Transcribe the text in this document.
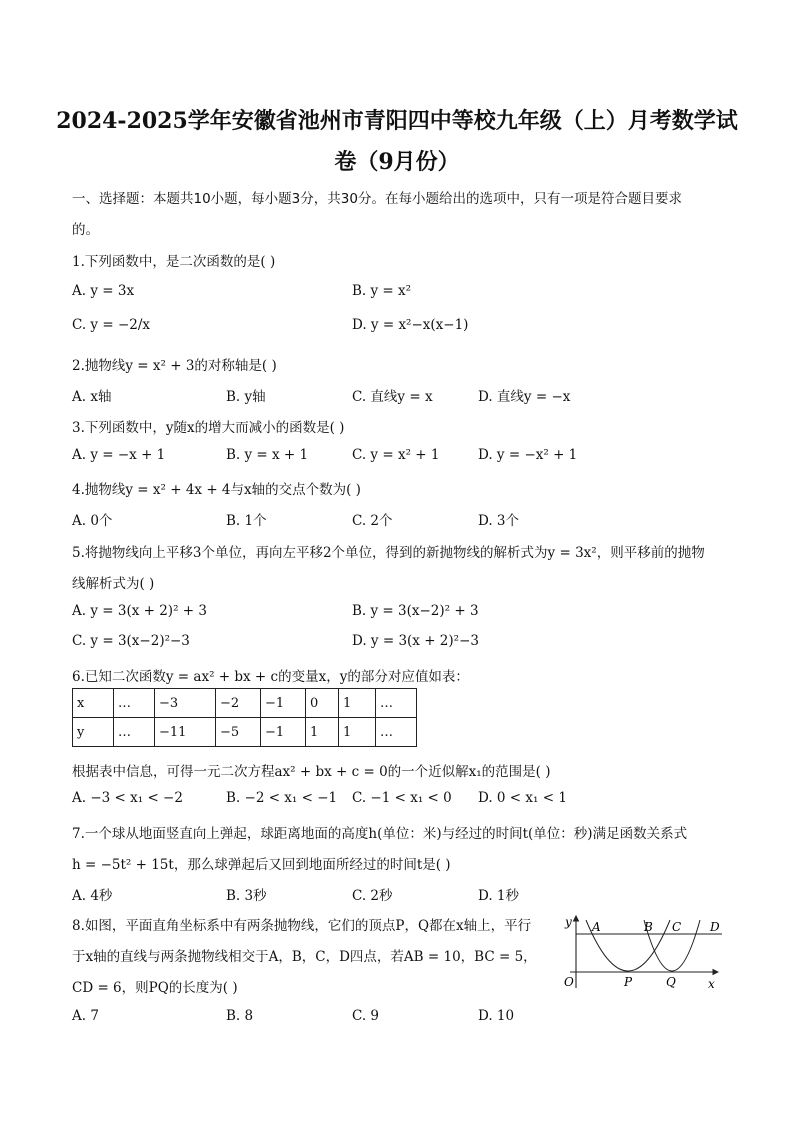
2024-2025学年安徽省池州市青阳四中等校九年级（上）月考数学试
卷（9月份）
一、选择题：本题共10小题，每小题3分，共30分。在每小题给出的选项中，只有一项是符合题目要求
的。
1.下列函数中，是二次函数的是( )
A. y = 3x	B. y = x²
C. y = −2/x	D. y = x²−x(x−1)
2.抛物线y = x² + 3的对称轴是( )
A. x轴	B. y轴	C. 直线y = x	D. 直线y = −x
3.下列函数中，y随x的增大而减小的函数是( )
A. y = −x + 1	B. y = x + 1	C. y = x² + 1	D. y = −x² + 1
4.抛物线y = x² + 4x + 4与x轴的交点个数为( )
A. 0个	B. 1个	C. 2个	D. 3个
5.将抛物线向上平移3个单位，再向左平移2个单位，得到的新抛物线的解析式为y = 3x²，则平移前的抛物
线解析式为( )
A. y = 3(x + 2)² + 3	B. y = 3(x−2)² + 3
C. y = 3(x−2)²−3	D. y = 3(x + 2)²−3
6.已知二次函数y = ax² + bx + c的变量x，y的部分对应值如表：
x	…	−3	−2	−1	0	1	…
y	…	−11	−5	−1	1	1	…
根据表中信息，可得一元二次方程ax² + bx + c = 0的一个近似解x₁的范围是( )
A. −3 < x₁ < −2	B. −2 < x₁ < −1 C. −1 < x₁ < 0 D. 0 < x₁ < 1
7.一个球从地面竖直向上弹起，球距离地面的高度h(单位：米)与经过的时间t(单位：秒)满足函数关系式
h = −5t² + 15t，那么球弹起后又回到地面所经过的时间t是( )
A. 4秒	B. 3秒	C. 2秒	D. 1秒
8.如图，平面直角坐标系中有两条抛物线，它们的顶点P，Q都在x轴上，平行
于x轴的直线与两条抛物线相交于A，B，C，D四点，若AB = 10，BC = 5，
CD = 6，则PQ的长度为( )
A. 7	B. 8	C. 9	D. 10
y A	B C D
O	P	Q	x
